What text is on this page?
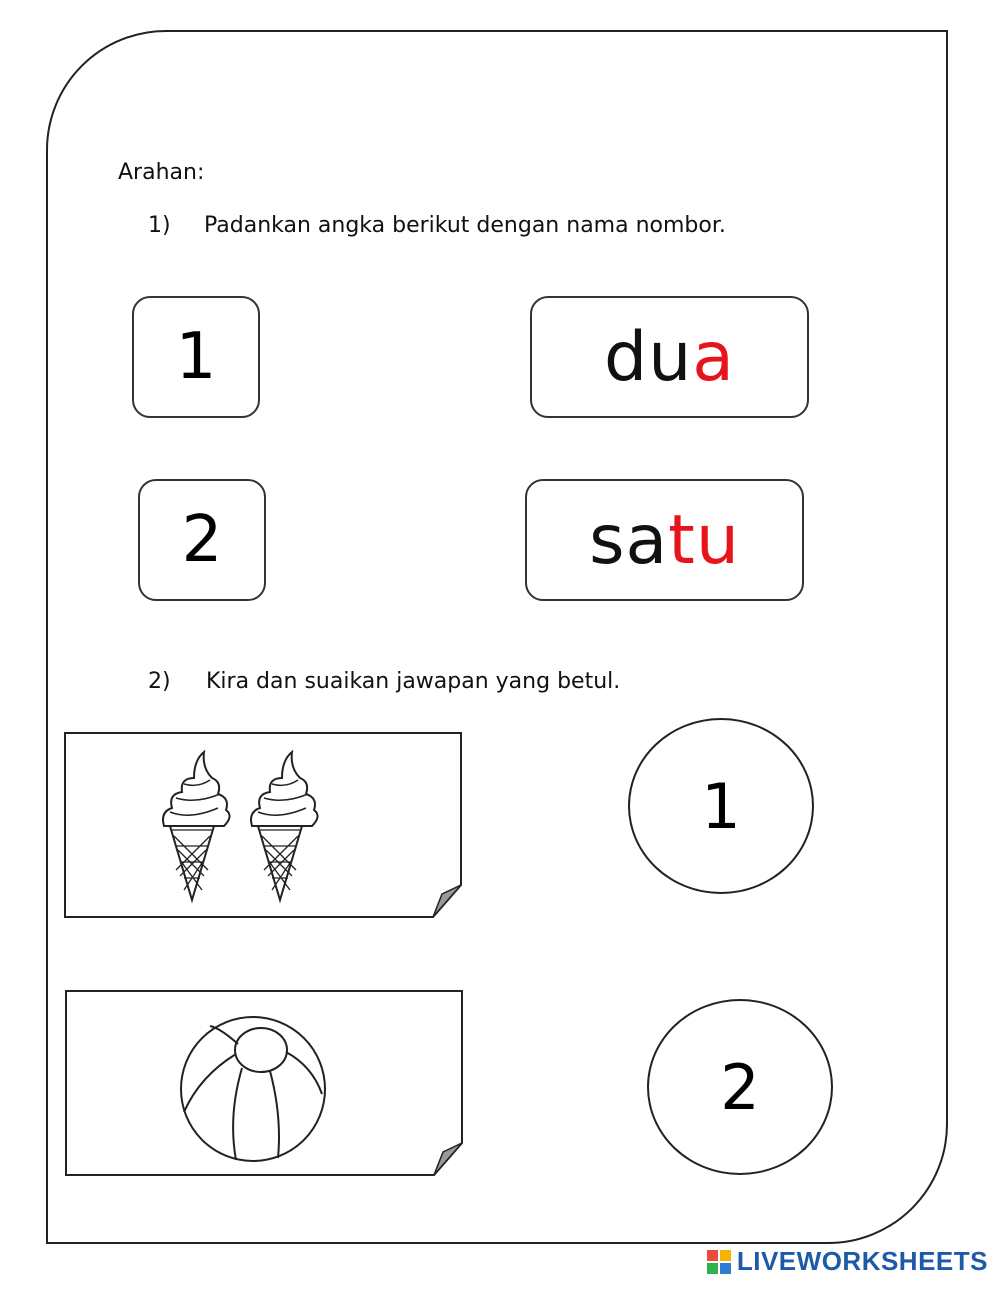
Arahan:
1) Padankan angka berikut dengan nama nombor.
1
2
dua
satu
2) Kira dan suaikan jawapan yang betul.
1
2
LIVEWORKSHEETS
